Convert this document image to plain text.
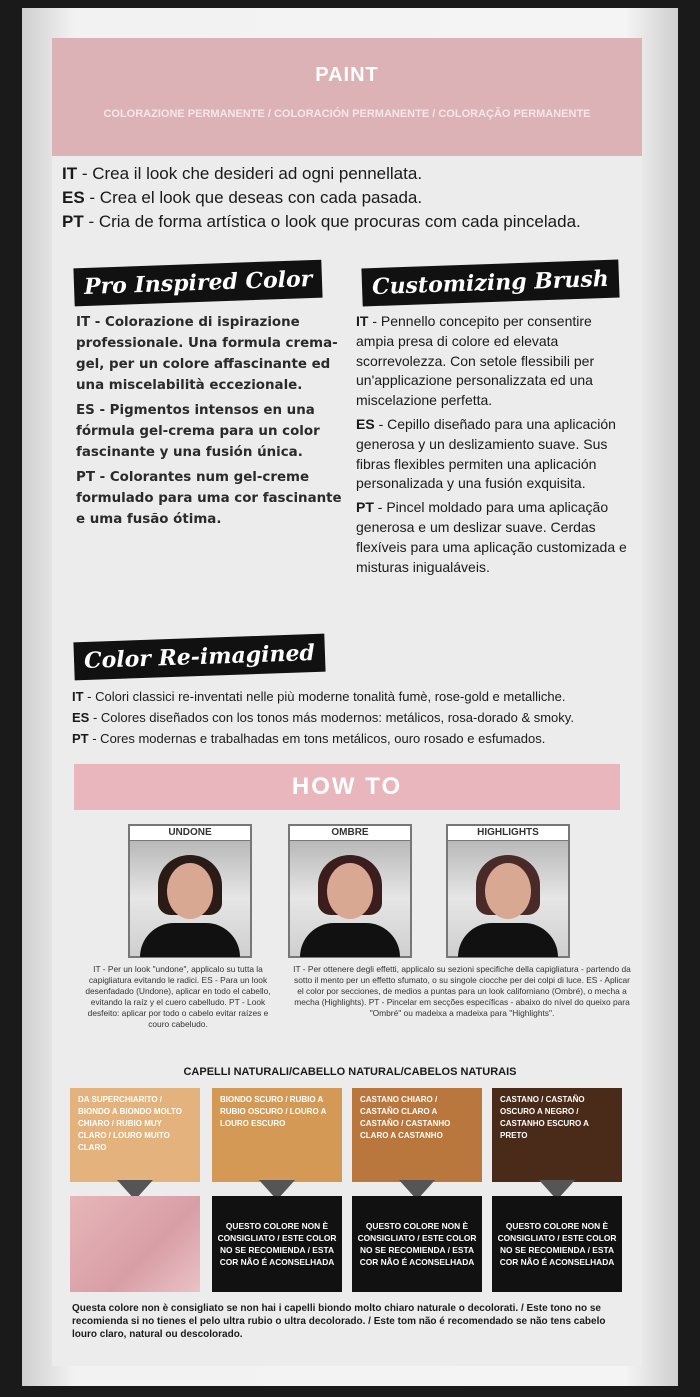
PAINT
COLORAZIONE PERMANENTE / COLORACIÓN PERMANENTE / COLORAÇÃO PERMANENTE
IT - Crea il look che desideri ad ogni pennellata.
ES - Crea el look que deseas con cada pasada.
PT - Cria de forma artística o look que procuras com cada pincelada.
Pro Inspired Color	Customizing Brush

IT - Colorazione di ispirazione professionale. Una formula crema-gel, per un colore affascinante ed una miscelabilità eccezionale.

ES - Pigmentos intensos en una fórmula gel-crema para un color fascinante y una fusión única.

PT - Colorantes num gel-creme formulado para uma cor fascinante e uma fusão ótima.

IT - Pennello concepito per consentire ampia presa di colore ed elevata scorrevolezza. Con setole flessibili per un'applicazione personalizzata ed una miscelazione perfetta.

ES - Cepillo diseñado para una aplicación generosa y un deslizamiento suave. Sus fibras flexibles permiten una aplicación personalizada y una fusión exquisita.

PT - Pincel moldado para uma aplicação generosa e um deslizar suave. Cerdas flexíveis para uma aplicação customizada e misturas inigualáveis.

Color Re-imagined
IT - Colori classici re-inventati nelle più moderne tonalità fumè, rose-gold e metalliche.
ES - Colores diseñados con los tonos más modernos: metálicos, rosa-dorado & smoky.
PT - Cores modernas e trabalhadas em tons metálicos, ouro rosado e esfumados.
HOW TO
UNDONE	OMBRE	HIGHLIGHTS
IT - Per un look "undone", applicalo su tutta la capigliatura evitando le radici. ES - Para un look desenfadado (Undone), aplicar en todo el cabello, evitando la raíz y el cuero cabelludo. PT - Look desfeito: aplicar por todo o cabelo evitar raízes e couro cabeludo.
IT - Per ottenere degli effetti, applicalo su sezioni specifiche della capigliatura - partendo da sotto il mento per un effetto sfumato, o su singole ciocche per dei colpi di luce. ES - Aplicar el color por secciones, de medios a puntas para un look californiano (Ombré), o mecha a mecha (Highlights). PT - Pincelar em secções específicas - abaixo do nível do queixo para "Ombré" ou madeixa a madeixa para "Highlights".
CAPELLI NATURALI/CABELLO NATURAL/CABELOS NATURAIS
DA SUPERCHIARITO / BIONDO A BIONDO MOLTO CHIARO / RUBIO MUY CLARO / LOURO MUITO CLARO
BIONDO SCURO / RUBIO A RUBIO OSCURO / LOURO A LOURO ESCURO
CASTANO CHIARO / CASTAÑO CLARO A CASTAÑO / CASTANHO CLARO A CASTANHO
CASTANO / CASTAÑO OSCURO A NEGRO / CASTANHO ESCURO A PRETO
QUESTO COLORE NON È CONSIGLIATO / ESTE COLOR NO SE RECOMIENDA / ESTA COR NÃO É ACONSELHADA
QUESTO COLORE NON È CONSIGLIATO / ESTE COLOR NO SE RECOMIENDA / ESTA COR NÃO É ACONSELHADA
QUESTO COLORE NON È CONSIGLIATO / ESTE COLOR NO SE RECOMIENDA / ESTA COR NÃO É ACONSELHADA
Questa colore non è consigliato se non hai i capelli biondo molto chiaro naturale o decolorati. / Este tono no se recomienda si no tienes el pelo ultra rubio o ultra decolorado. / Este tom não é recomendado se não tens cabelo louro claro, natural ou descolorado.
